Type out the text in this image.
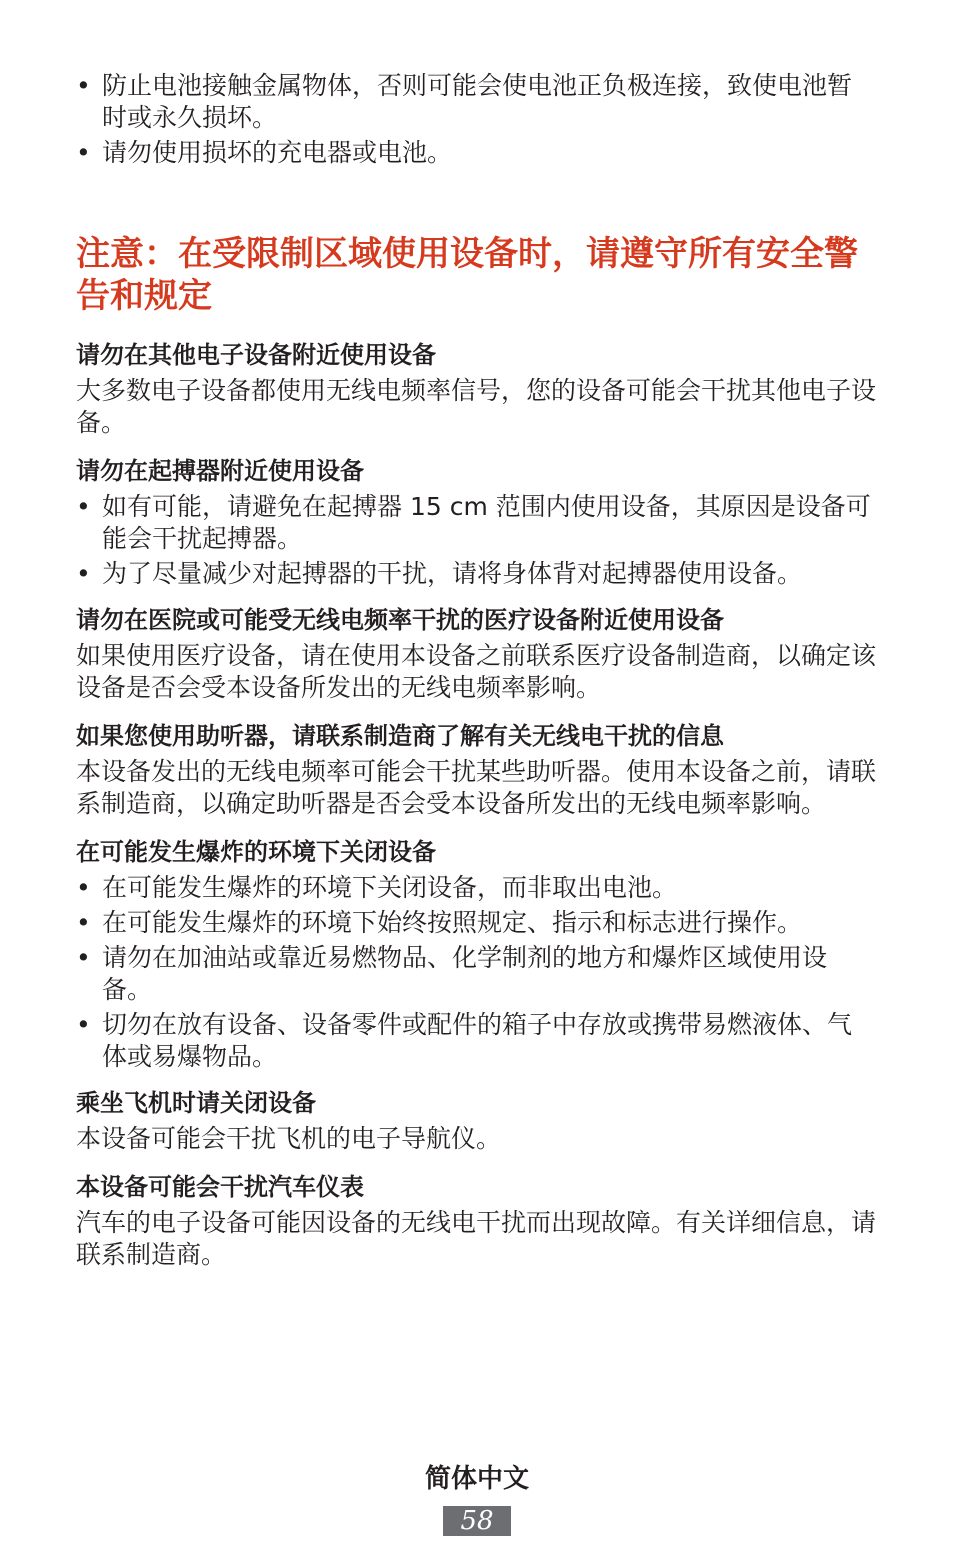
• 防止电池接触金属物体，否则可能会使电池正负极连接，致使电池暂时或永久损坏。
• 请勿使用损坏的充电器或电池。
注意：在受限制区域使用设备时，请遵守所有安全警告和规定
请勿在其他电子设备附近使用设备

大多数电子设备都使用无线电频率信号，您的设备可能会干扰其他电子设备。

请勿在起搏器附近使用设备
• 如有可能，请避免在起搏器 15 cm 范围内使用设备，其原因是设备可能会干扰起搏器。
• 为了尽量减少对起搏器的干扰，请将身体背对起搏器使用设备。
请勿在医院或可能受无线电频率干扰的医疗设备附近使用设备

如果使用医疗设备，请在使用本设备之前联系医疗设备制造商，以确定该设备是否会受本设备所发出的无线电频率影响。

如果您使用助听器，请联系制造商了解有关无线电干扰的信息

本设备发出的无线电频率可能会干扰某些助听器。使用本设备之前，请联系制造商，以确定助听器是否会受本设备所发出的无线电频率影响。

在可能发生爆炸的环境下关闭设备
• 在可能发生爆炸的环境下关闭设备，而非取出电池。
• 在可能发生爆炸的环境下始终按照规定、指示和标志进行操作。
• 请勿在加油站或靠近易燃物品、化学制剂的地方和爆炸区域使用设备。
• 切勿在放有设备、设备零件或配件的箱子中存放或携带易燃液体、气体或易爆物品。
乘坐飞机时请关闭设备

本设备可能会干扰飞机的电子导航仪。

本设备可能会干扰汽车仪表

汽车的电子设备可能因设备的无线电干扰而出现故障。有关详细信息，请联系制造商。

简体中文
58
